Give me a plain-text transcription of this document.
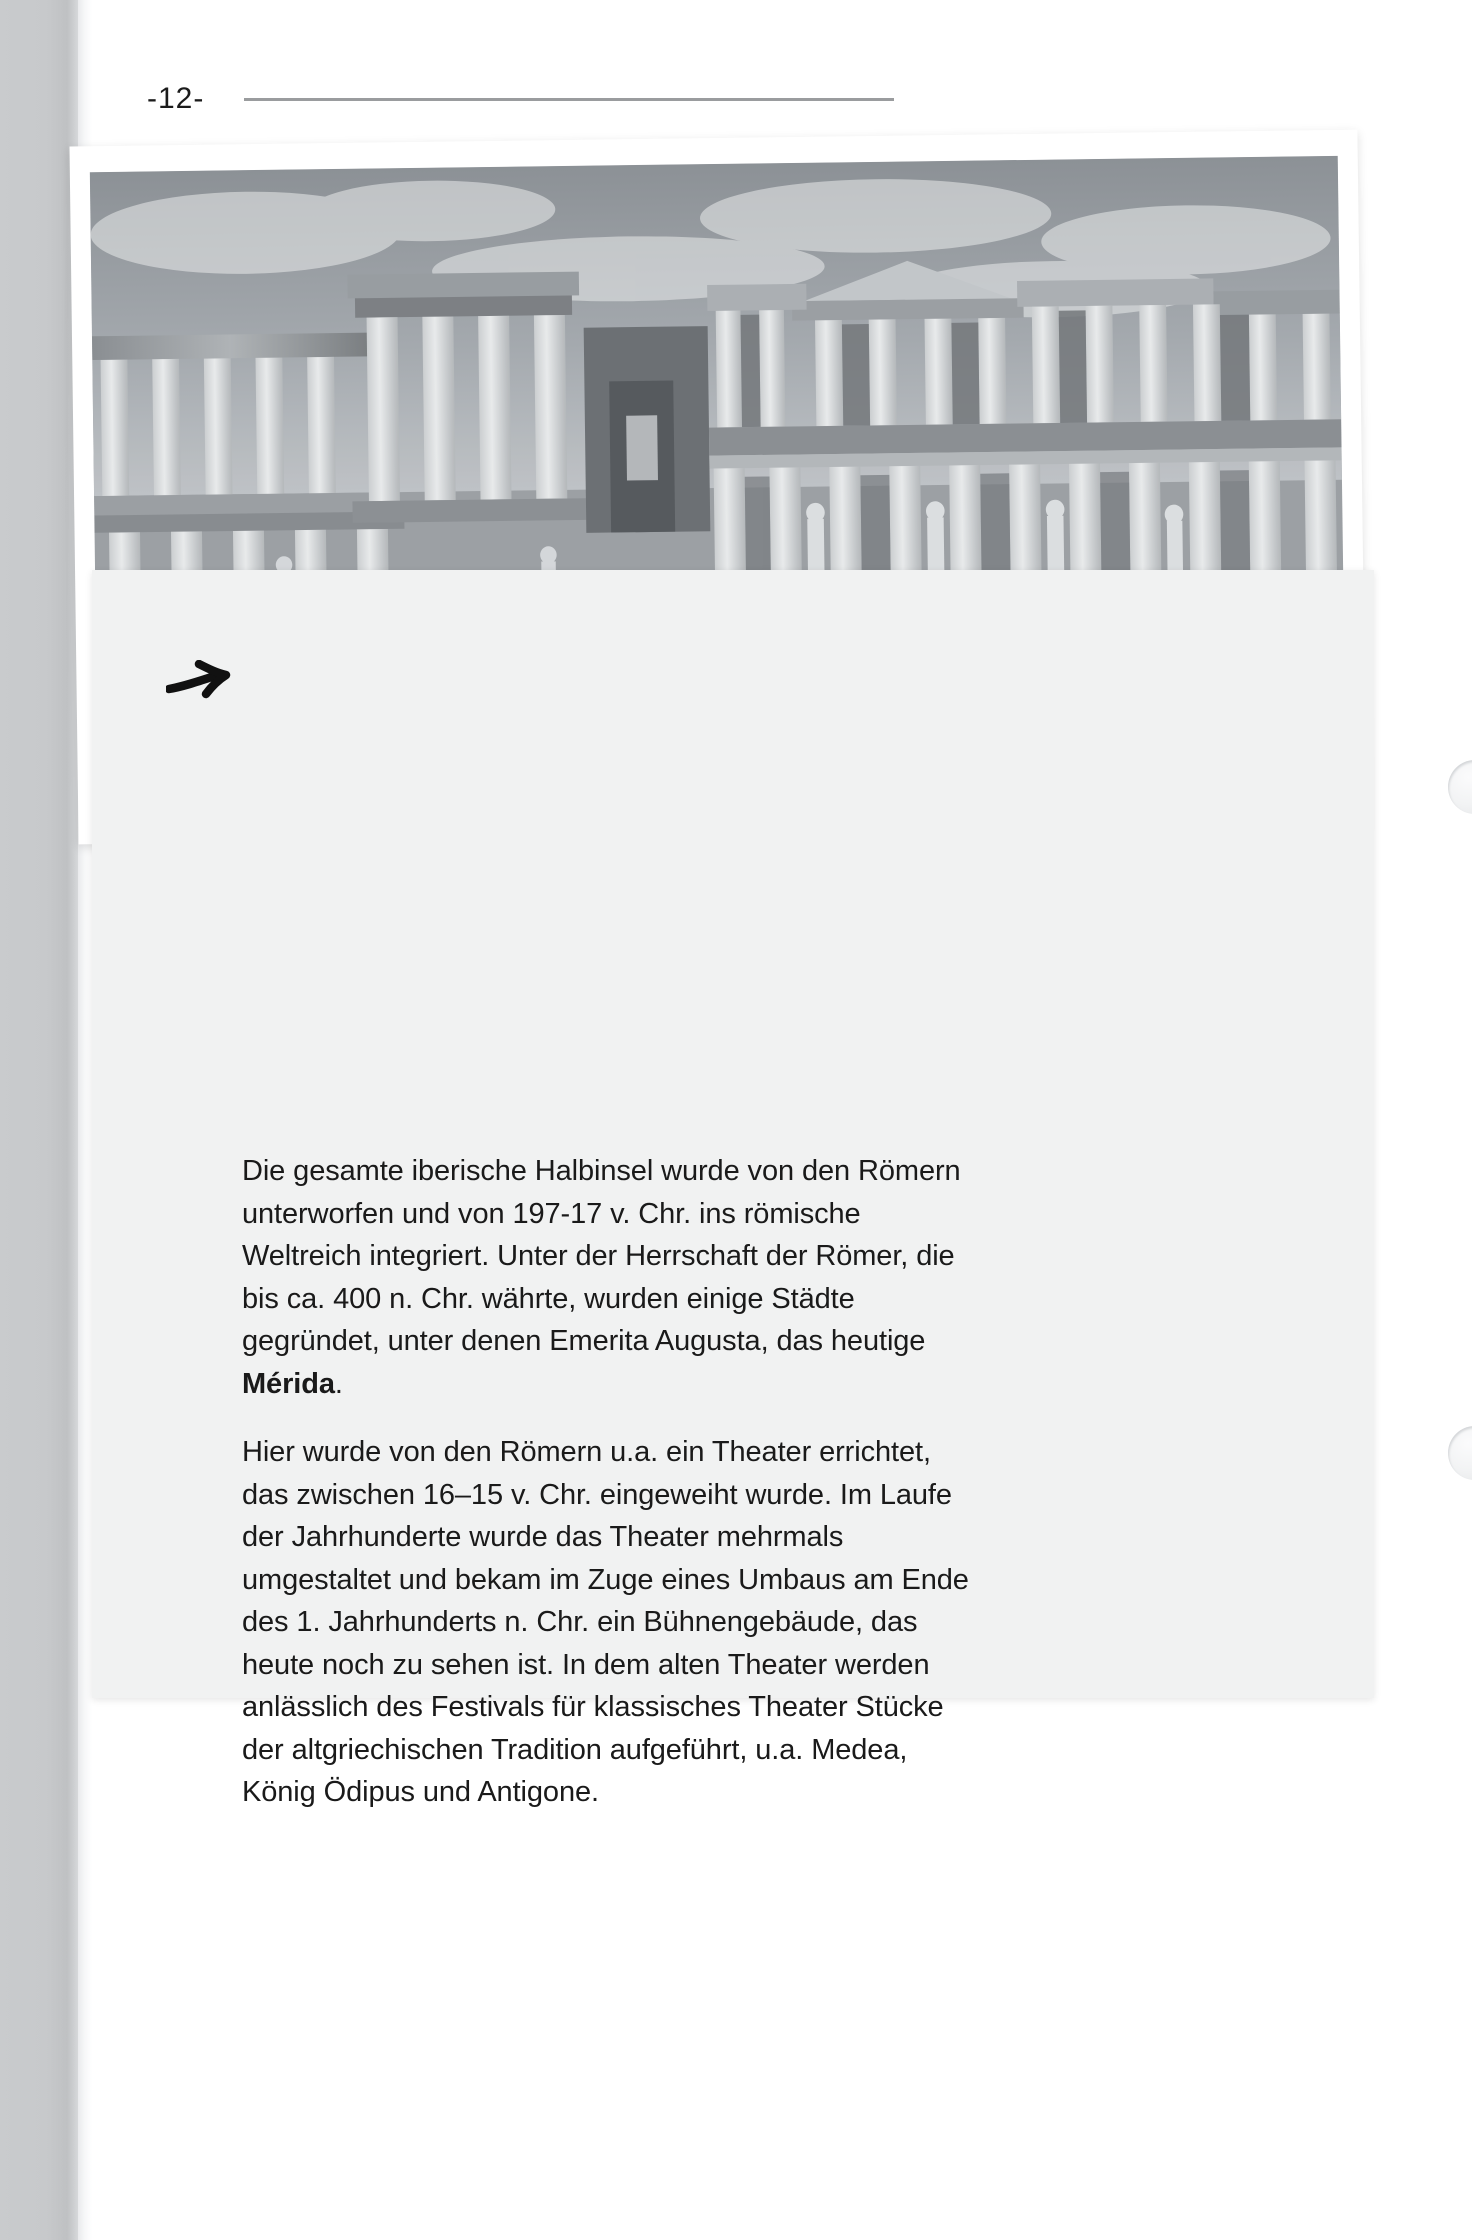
-12-

Die gesamte iberische Halbinsel wurde von den Römern unterworfen und von 197-17 v. Chr. ins römische Weltreich integriert. Unter der Herrschaft der Römer, die bis ca. 400 n. Chr. währte, wurden einige Städte gegründet, unter denen Emerita Augusta, das heutige Mérida.

Hier wurde von den Römern u.a. ein Theater errichtet, das zwischen 16–15 v. Chr. eingeweiht wurde. Im Laufe der Jahrhunderte wurde das Theater mehrmals umgestaltet und bekam im Zuge eines Umbaus am Ende des 1. Jahrhunderts n. Chr. ein Bühnengebäude, das heute noch zu sehen ist. In dem alten Theater werden anlässlich des Festivals für klassisches Theater Stücke der altgriechischen Tradition aufgeführt, u.a. Medea, König Ödipus und Antigone.
